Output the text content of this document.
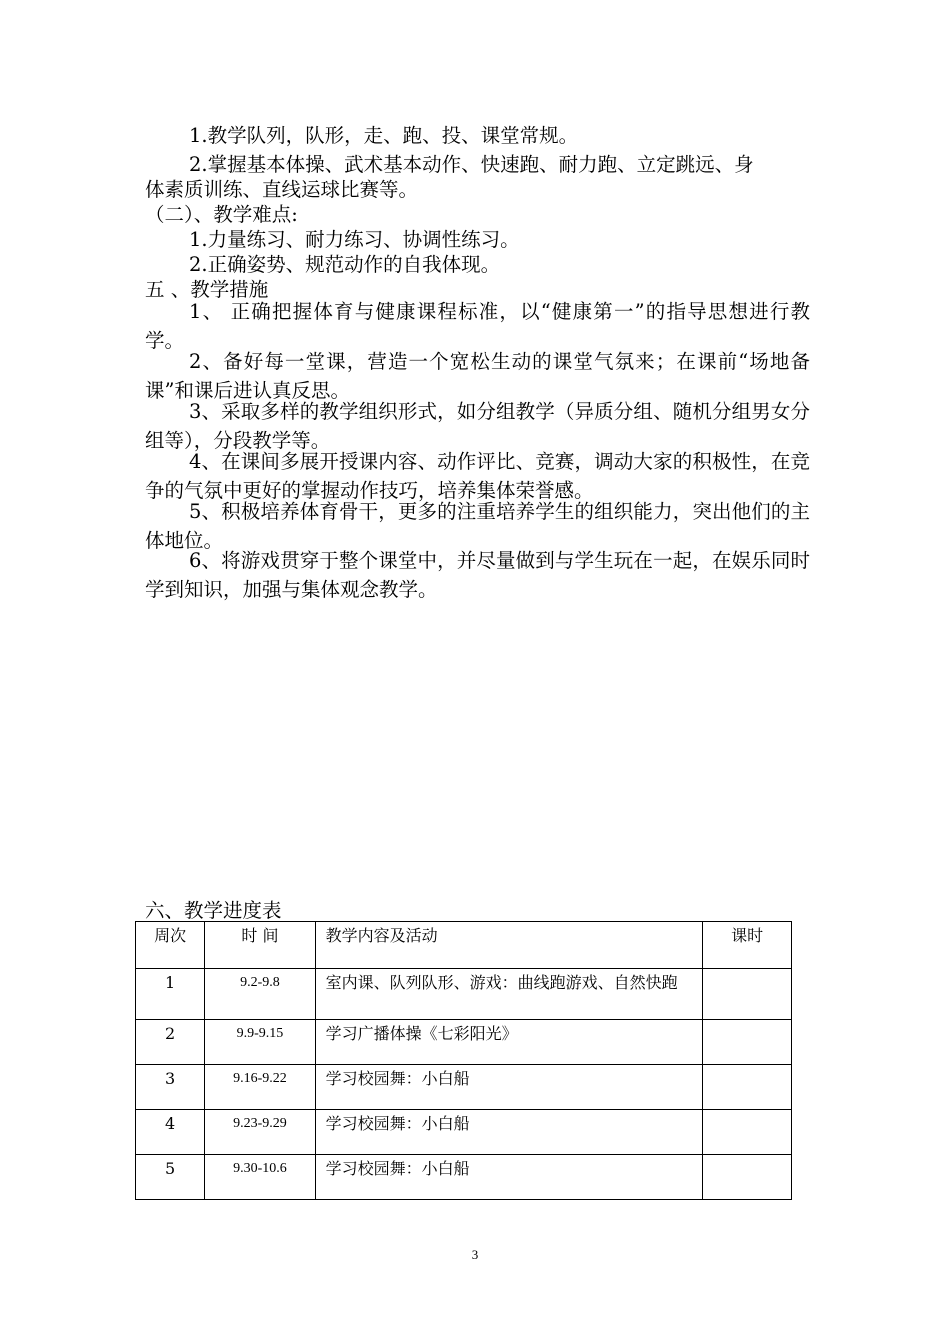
1.教学队列，队形，走、跑、投、课堂常规。

2.掌握基本体操、武术基本动作、快速跑、耐力跑、立定跳远、身

体素质训练、直线运球比赛等。

（二）、教学难点:

1.力量练习、耐力练习、协调性练习。

2.正确姿势、规范动作的自我体现。

五 、教学措施

1、 正确把握体育与健康课程标准，以“健康第一”的指导思想进行教学。

2、备好每一堂课，营造一个宽松生动的课堂气氛来；在课前“场地备课”和课后进认真反思。

3、采取多样的教学组织形式，如分组教学（异质分组、随机分组男女分组等），分段教学等。

4、在课间多展开授课内容、动作评比、竞赛，调动大家的积极性，在竞争的气氛中更好的掌握动作技巧，培养集体荣誉感。

5、积极培养体育骨干，更多的注重培养学生的组织能力，突出他们的主体地位。

6、将游戏贯穿于整个课堂中，并尽量做到与学生玩在一起，在娱乐同时学到知识，加强与集体观念教学。

六、教学进度表

周次	时 间	教学内容及活动	课时
1	9.2-9.8	室内课、队列队形、游戏：曲线跑游戏、自然快跑	
2	9.9-9.15	学习广播体操《七彩阳光》	
3	9.16-9.22	学习校园舞：小白船	
4	9.23-9.29	学习校园舞：小白船	
5	9.30-10.6	学习校园舞：小白船	
3
